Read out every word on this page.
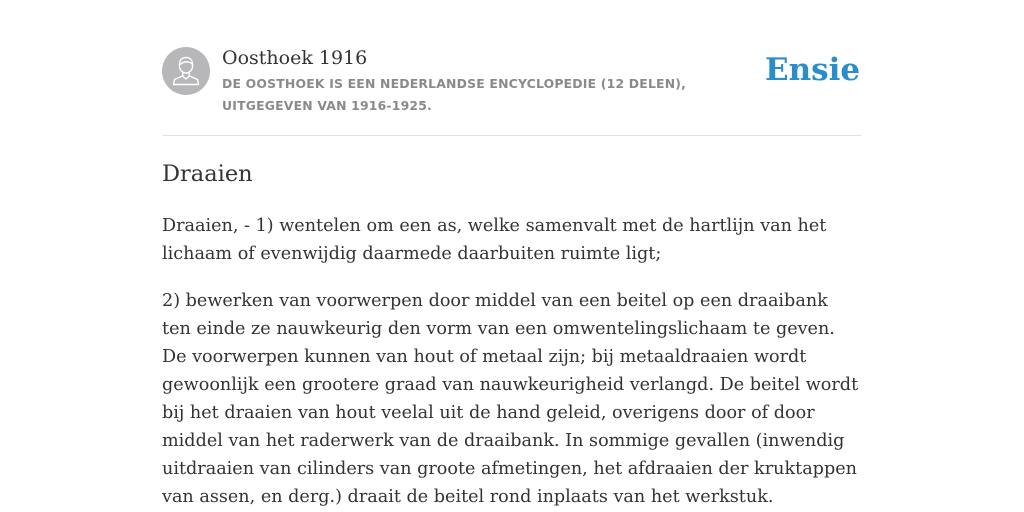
Oosthoek 1916
DE OOSTHOEK IS EEN NEDERLANDSE ENCYCLOPEDIE (12 DELEN), UITGEGEVEN VAN 1916-1925.
Ensie
Draaien

Draaien, - 1) wentelen om een as, welke samenvalt met de hartlijn van het lichaam of evenwijdig daarmede daarbuiten ruimte ligt;

2) bewerken van voorwerpen door middel van een beitel op een draaibank ten einde ze nauwkeurig den vorm van een omwentelingslichaam te geven. De voorwerpen kunnen van hout of metaal zijn; bij metaaldraaien wordt gewoonlijk een grootere graad van nauwkeurigheid verlangd. De beitel wordt bij het draaien van hout veelal uit de hand geleid, overigens door of door middel van het raderwerk van de draaibank. In sommige gevallen (inwendig uitdraaien van cilinders van groote afmetingen, het afdraaien der kruktappen van assen, en derg.) draait de beitel rond inplaats van het werkstuk.
